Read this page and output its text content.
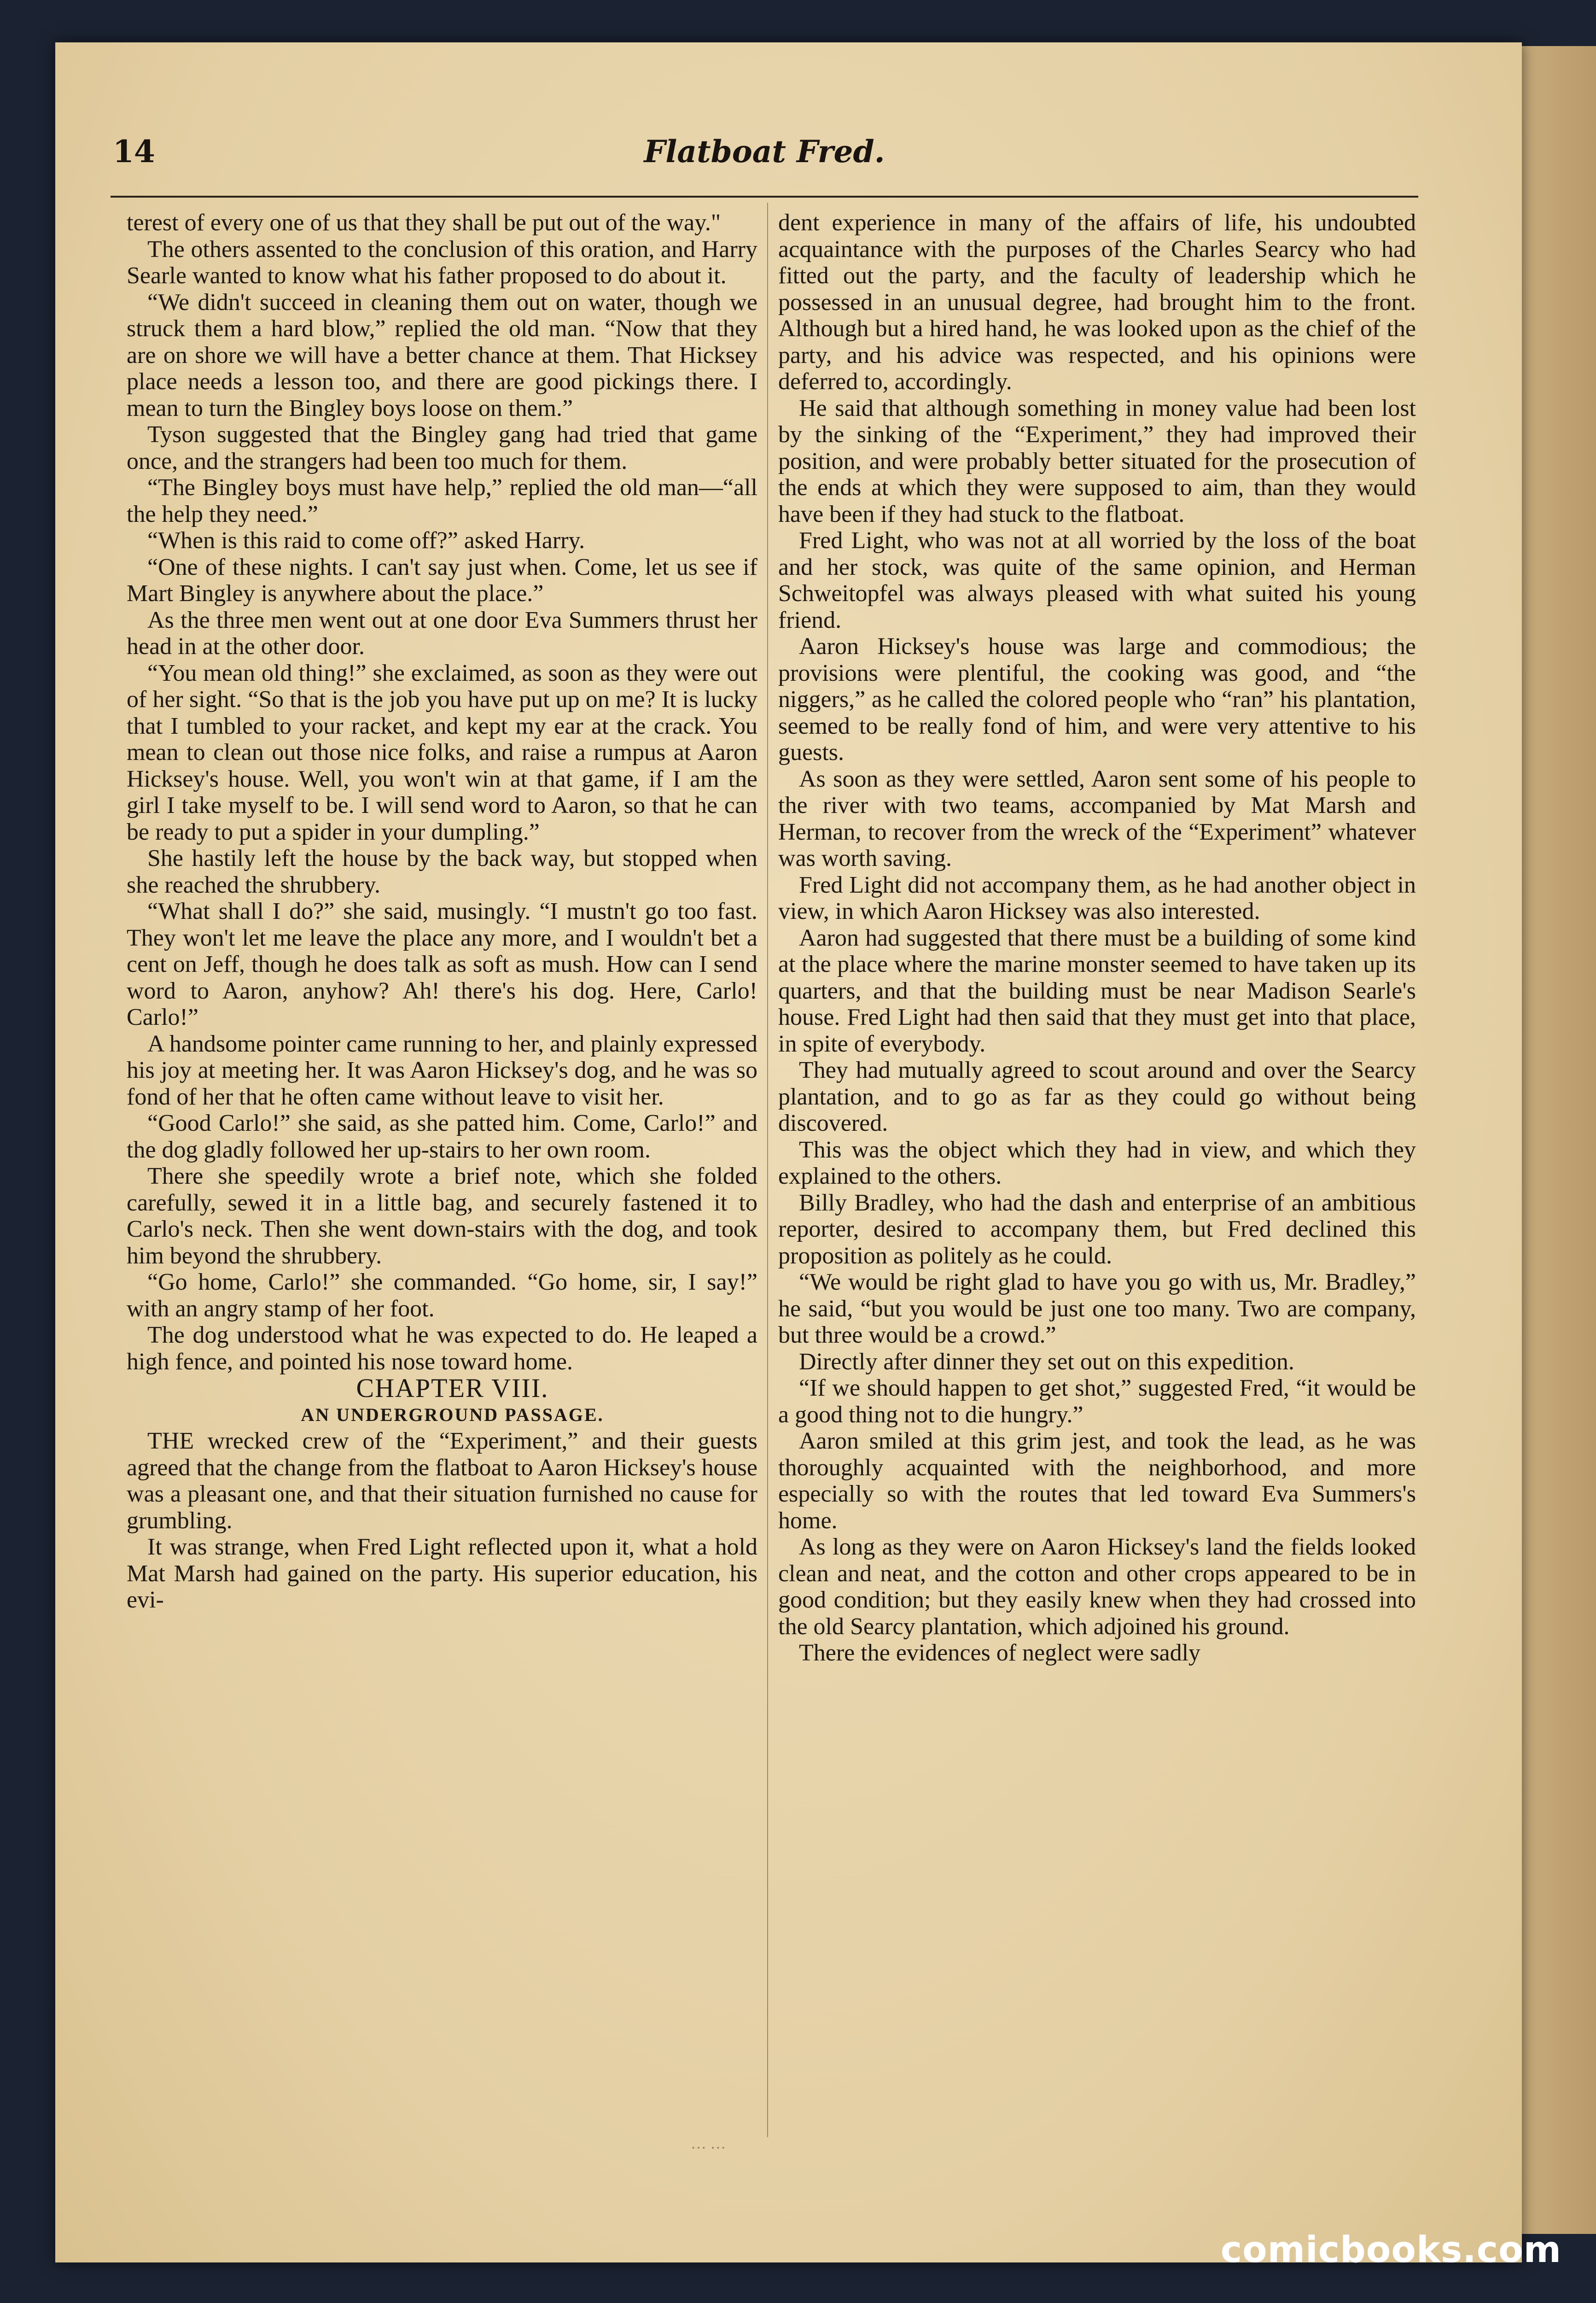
14	Flatboat Fred.

terest of every one of us that they shall be put out of the way."

The others assented to the conclusion of this oration, and Harry Searle wanted to know what his father proposed to do about it.

“We didn't succeed in cleaning them out on water, though we struck them a hard blow,” replied the old man. “Now that they are on shore we will have a better chance at them. That Hicksey place needs a lesson too, and there are good pickings there. I mean to turn the Bingley boys loose on them.”

Tyson suggested that the Bingley gang had tried that game once, and the strangers had been too much for them.

“The Bingley boys must have help,” replied the old man—“all the help they need.”

“When is this raid to come off?” asked Harry.

“One of these nights. I can't say just when. Come, let us see if Mart Bingley is anywhere about the place.”

As the three men went out at one door Eva Summers thrust her head in at the other door.

“You mean old thing!” she exclaimed, as soon as they were out of her sight. “So that is the job you have put up on me? It is lucky that I tumbled to your racket, and kept my ear at the crack. You mean to clean out those nice folks, and raise a rumpus at Aaron Hicksey's house. Well, you won't win at that game, if I am the girl I take myself to be. I will send word to Aaron, so that he can be ready to put a spider in your dumpling.”

She hastily left the house by the back way, but stopped when she reached the shrubbery.

“What shall I do?” she said, musingly. “I mustn't go too fast. They won't let me leave the place any more, and I wouldn't bet a cent on Jeff, though he does talk as soft as mush. How can I send word to Aaron, anyhow? Ah! there's his dog. Here, Carlo! Carlo!”

A handsome pointer came running to her, and plainly expressed his joy at meeting her. It was Aaron Hicksey's dog, and he was so fond of her that he often came without leave to visit her.

“Good Carlo!” she said, as she patted him. Come, Carlo!” and the dog gladly followed her up-stairs to her own room.

There she speedily wrote a brief note, which she folded carefully, sewed it in a little bag, and securely fastened it to Carlo's neck. Then she went down-stairs with the dog, and took him beyond the shrubbery.

“Go home, Carlo!” she commanded. “Go home, sir, I say!” with an angry stamp of her foot.

The dog understood what he was expected to do. He leaped a high fence, and pointed his nose toward home.

CHAPTER VIII.

AN UNDERGROUND PASSAGE.

THE wrecked crew of the “Experiment,” and their guests agreed that the change from the flatboat to Aaron Hicksey's house was a pleasant one, and that their situation furnished no cause for grumbling.

It was strange, when Fred Light reflected upon it, what a hold Mat Marsh had gained on the party. His superior education, his evi-

dent experience in many of the affairs of life, his undoubted acquaintance with the purposes of the Charles Searcy who had fitted out the party, and the faculty of leadership which he possessed in an unusual degree, had brought him to the front. Although but a hired hand, he was looked upon as the chief of the party, and his advice was respected, and his opinions were deferred to, accordingly.

He said that although something in money value had been lost by the sinking of the “Experiment,” they had improved their position, and were probably better situated for the prosecution of the ends at which they were supposed to aim, than they would have been if they had stuck to the flatboat.

Fred Light, who was not at all worried by the loss of the boat and her stock, was quite of the same opinion, and Herman Schweitopfel was always pleased with what suited his young friend.

Aaron Hicksey's house was large and commodious; the provisions were plentiful, the cooking was good, and “the niggers,” as he called the colored people who “ran” his plantation, seemed to be really fond of him, and were very attentive to his guests.

As soon as they were settled, Aaron sent some of his people to the river with two teams, accompanied by Mat Marsh and Herman, to recover from the wreck of the “Experiment” whatever was worth saving.

Fred Light did not accompany them, as he had another object in view, in which Aaron Hicksey was also interested.

Aaron had suggested that there must be a building of some kind at the place where the marine monster seemed to have taken up its quarters, and that the building must be near Madison Searle's house. Fred Light had then said that they must get into that place, in spite of everybody.

They had mutually agreed to scout around and over the Searcy plantation, and to go as far as they could go without being discovered.

This was the object which they had in view, and which they explained to the others.

Billy Bradley, who had the dash and enterprise of an ambitious reporter, desired to accompany them, but Fred declined this proposition as politely as he could.

“We would be right glad to have you go with us, Mr. Bradley,” he said, “but you would be just one too many. Two are company, but three would be a crowd.”

Directly after dinner they set out on this expedition.

“If we should happen to get shot,” suggested Fred, “it would be a good thing not to die hungry.”

Aaron smiled at this grim jest, and took the lead, as he was thoroughly acquainted with the neighborhood, and more especially so with the routes that led toward Eva Summers's home.

As long as they were on Aaron Hicksey's land the fields looked clean and neat, and the cotton and other crops appeared to be in good condition; but they easily knew when they had crossed into the old Searcy plantation, which adjoined his ground.

There the evidences of neglect were sadly

··· ···
comicbooks.com
